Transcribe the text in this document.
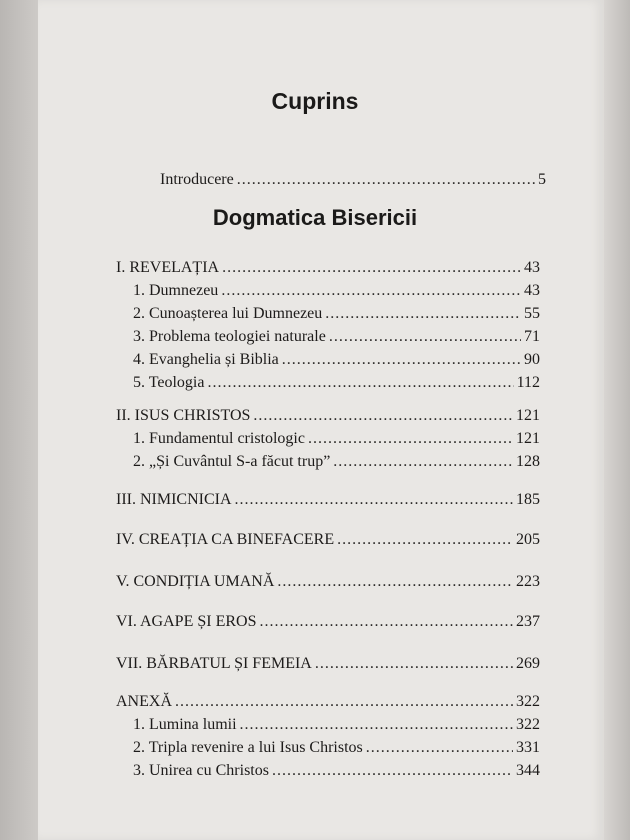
Cuprins
Introducere .....	5
Dogmatica Bisericii
I. REVELAȚIA .....	43
1. Dumnezeu .....	43
2. Cunoașterea lui Dumnezeu .....	55
3. Problema teologiei naturale .....	71
4. Evanghelia și Biblia .....	90
5. Teologia .....	112
II. ISUS CHRISTOS .....	121
1. Fundamentul cristologic .....	121
2. „Și Cuvântul S-a făcut trup” .....	128
III. NIMICNICIA .....	185
IV. CREAȚIA CA BINEFACERE .....	205
V. CONDIȚIA UMANĂ .....	223
VI. AGAPE ȘI EROS .....	237
VII. BĂRBATUL ȘI FEMEIA .....	269
ANEXĂ .....	322
1. Lumina lumii .....	322
2. Tripla revenire a lui Isus Christos .....	331
3. Unirea cu Christos .....	344
